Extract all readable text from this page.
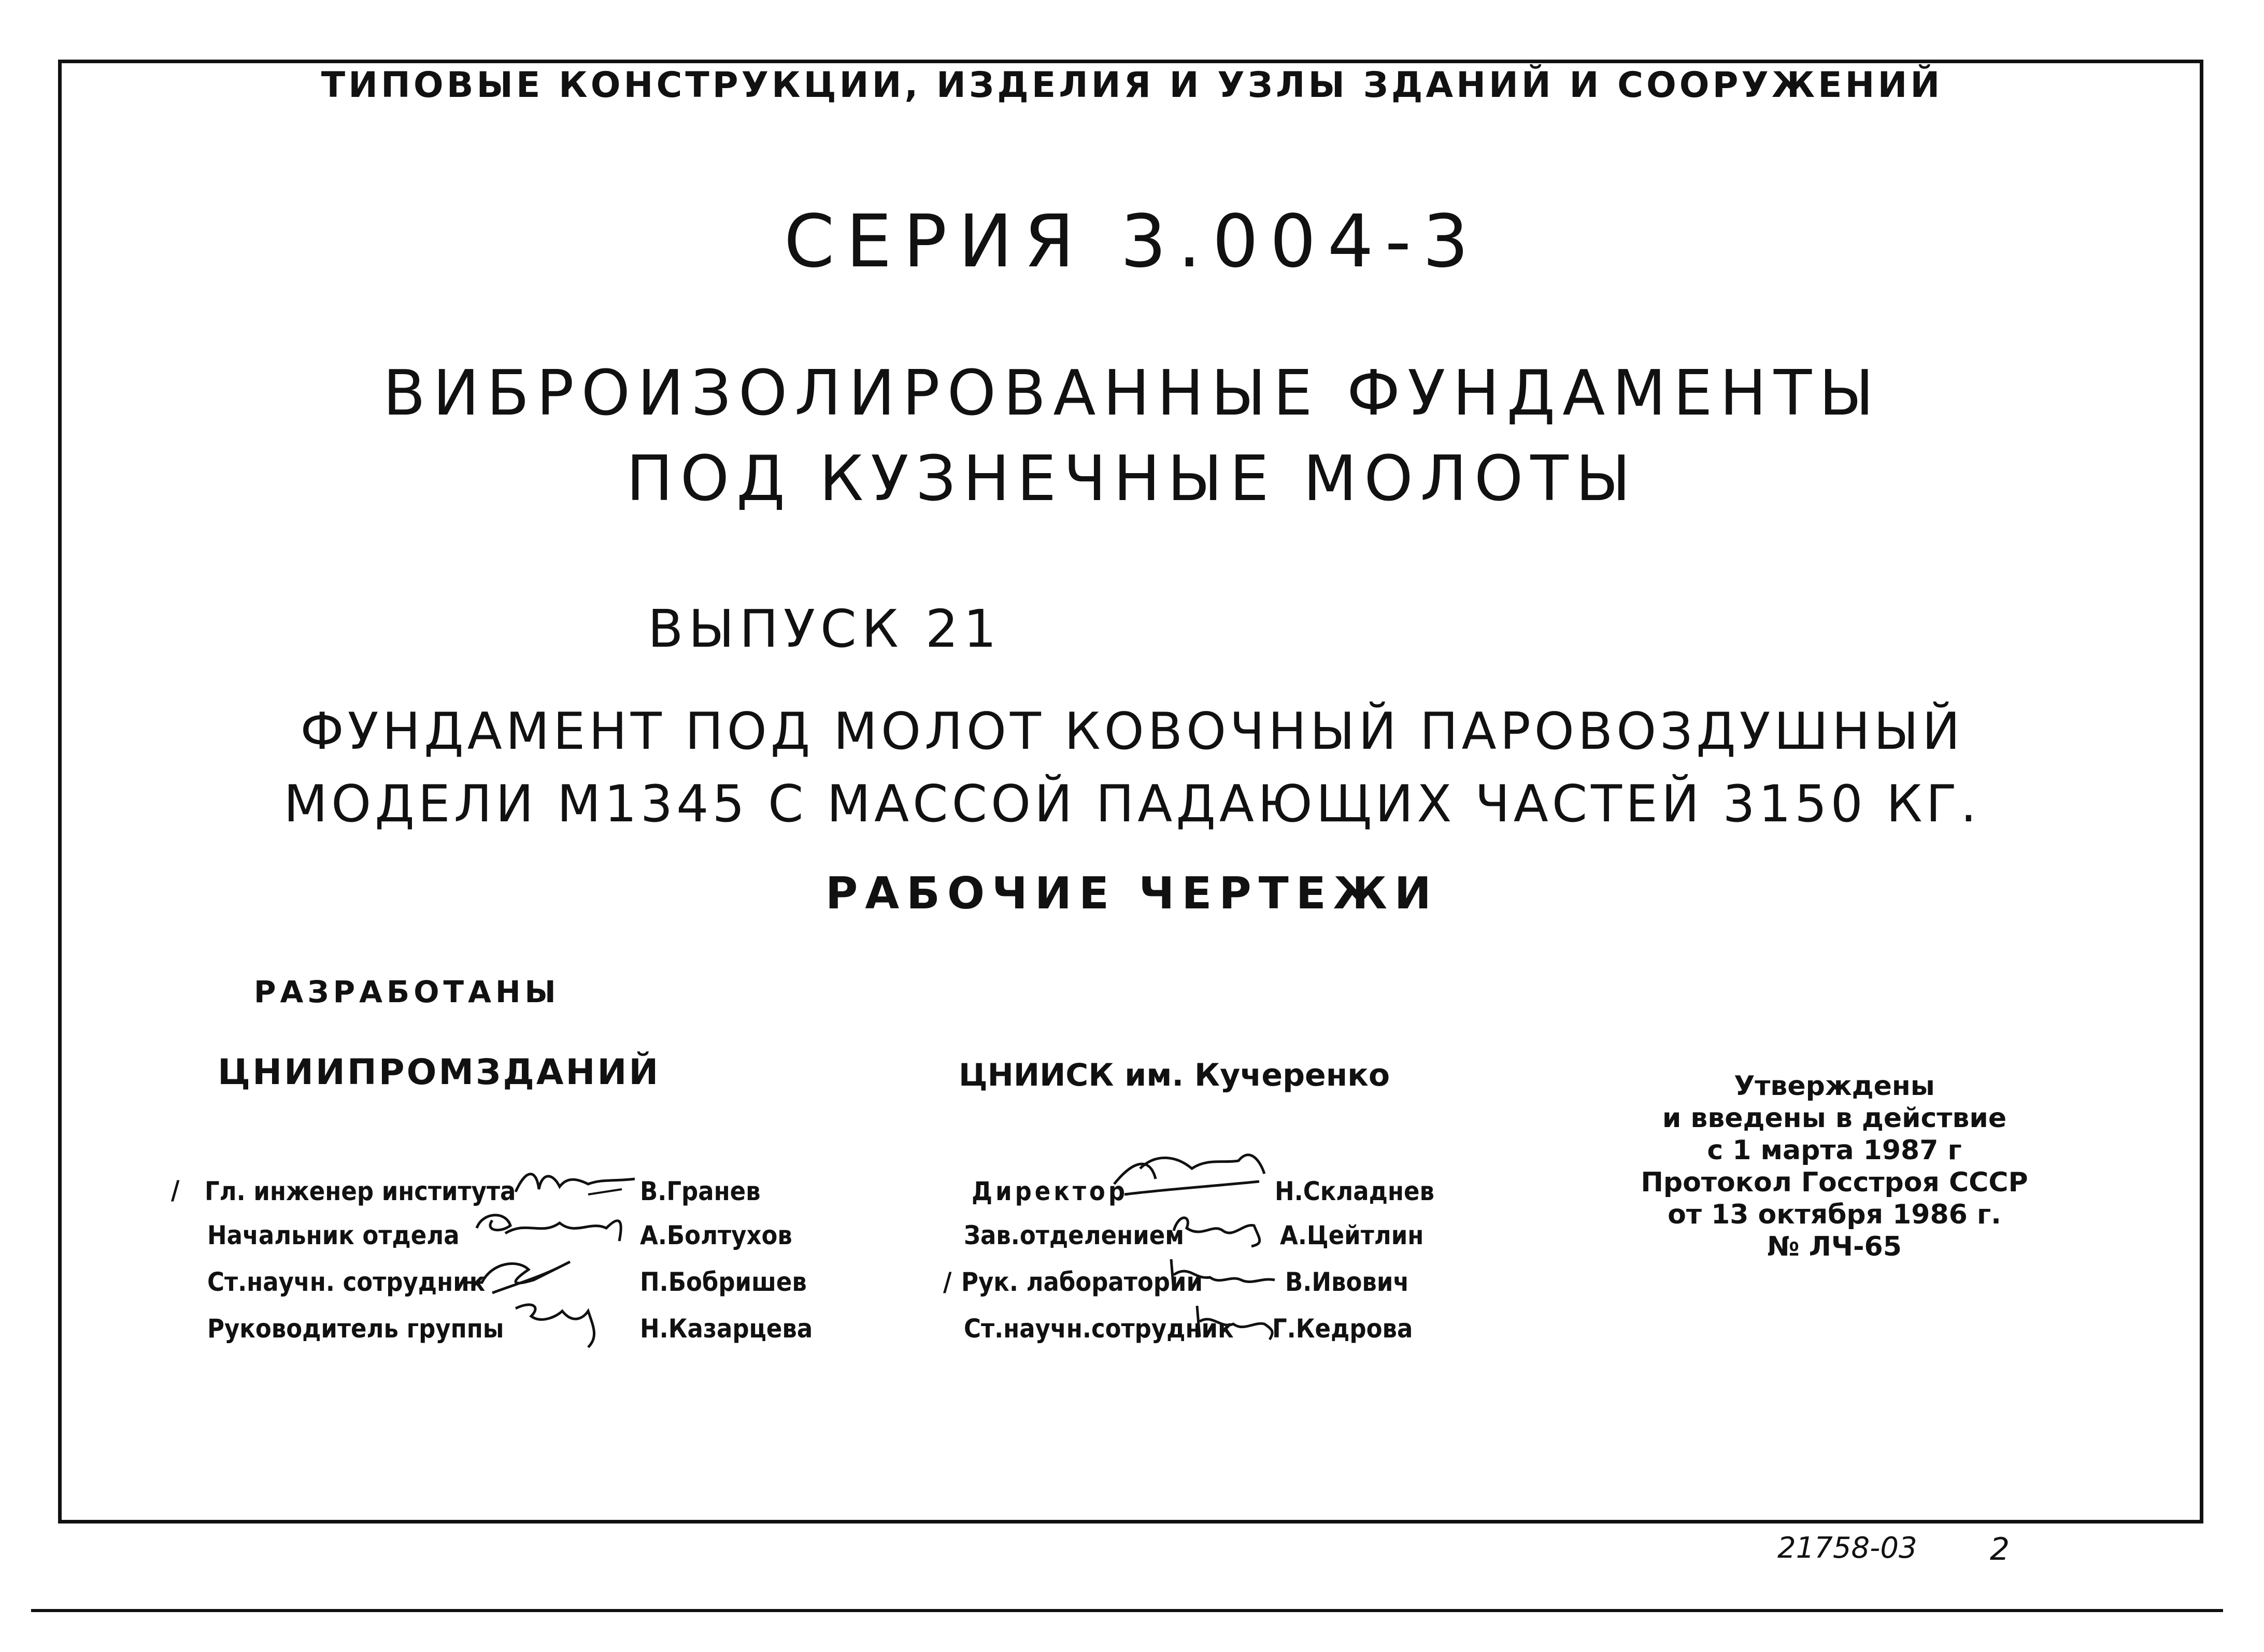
ТИПОВЫЕ КОНСТРУКЦИИ, ИЗДЕЛИЯ И УЗЛЫ ЗДАНИЙ И СООРУЖЕНИЙ
СЕРИЯ 3.004-3
ВИБРОИЗОЛИРОВАННЫЕ ФУНДАМЕНТЫ
ПОД КУЗНЕЧНЫЕ МОЛОТЫ
ВЫПУСК 21
ФУНДАМЕНТ ПОД МОЛОТ КОВОЧНЫЙ ПАРОВОЗДУШНЫЙ
МОДЕЛИ М1345 С МАССОЙ ПАДАЮЩИХ ЧАСТЕЙ 3150 КГ.
РАБОЧИЕ ЧЕРТЕЖИ
РАЗРАБОТАНЫ
ЦНИИПРОМЗДАНИЙ
/ Гл. инженер института	В.Гранев
Начальник отдела	А.Болтухов
Ст.научн. сотрудник	П.Бобришев
Руководитель группы	Н.Казарцева
ЦНИИСК им. Кучеренко
Директор	Н.Складнев
Зав.отделением	А.Цейтлин
/ Рук. лаборатории	В.Ивович
Ст.научн.сотрудник Г.Кедрова
Утверждены
и введены в действие
с 1 марта 1987 г
Протокол Госстроя СССР
от 13 октября 1986 г.
№ ЛЧ-65
21758-03 2
